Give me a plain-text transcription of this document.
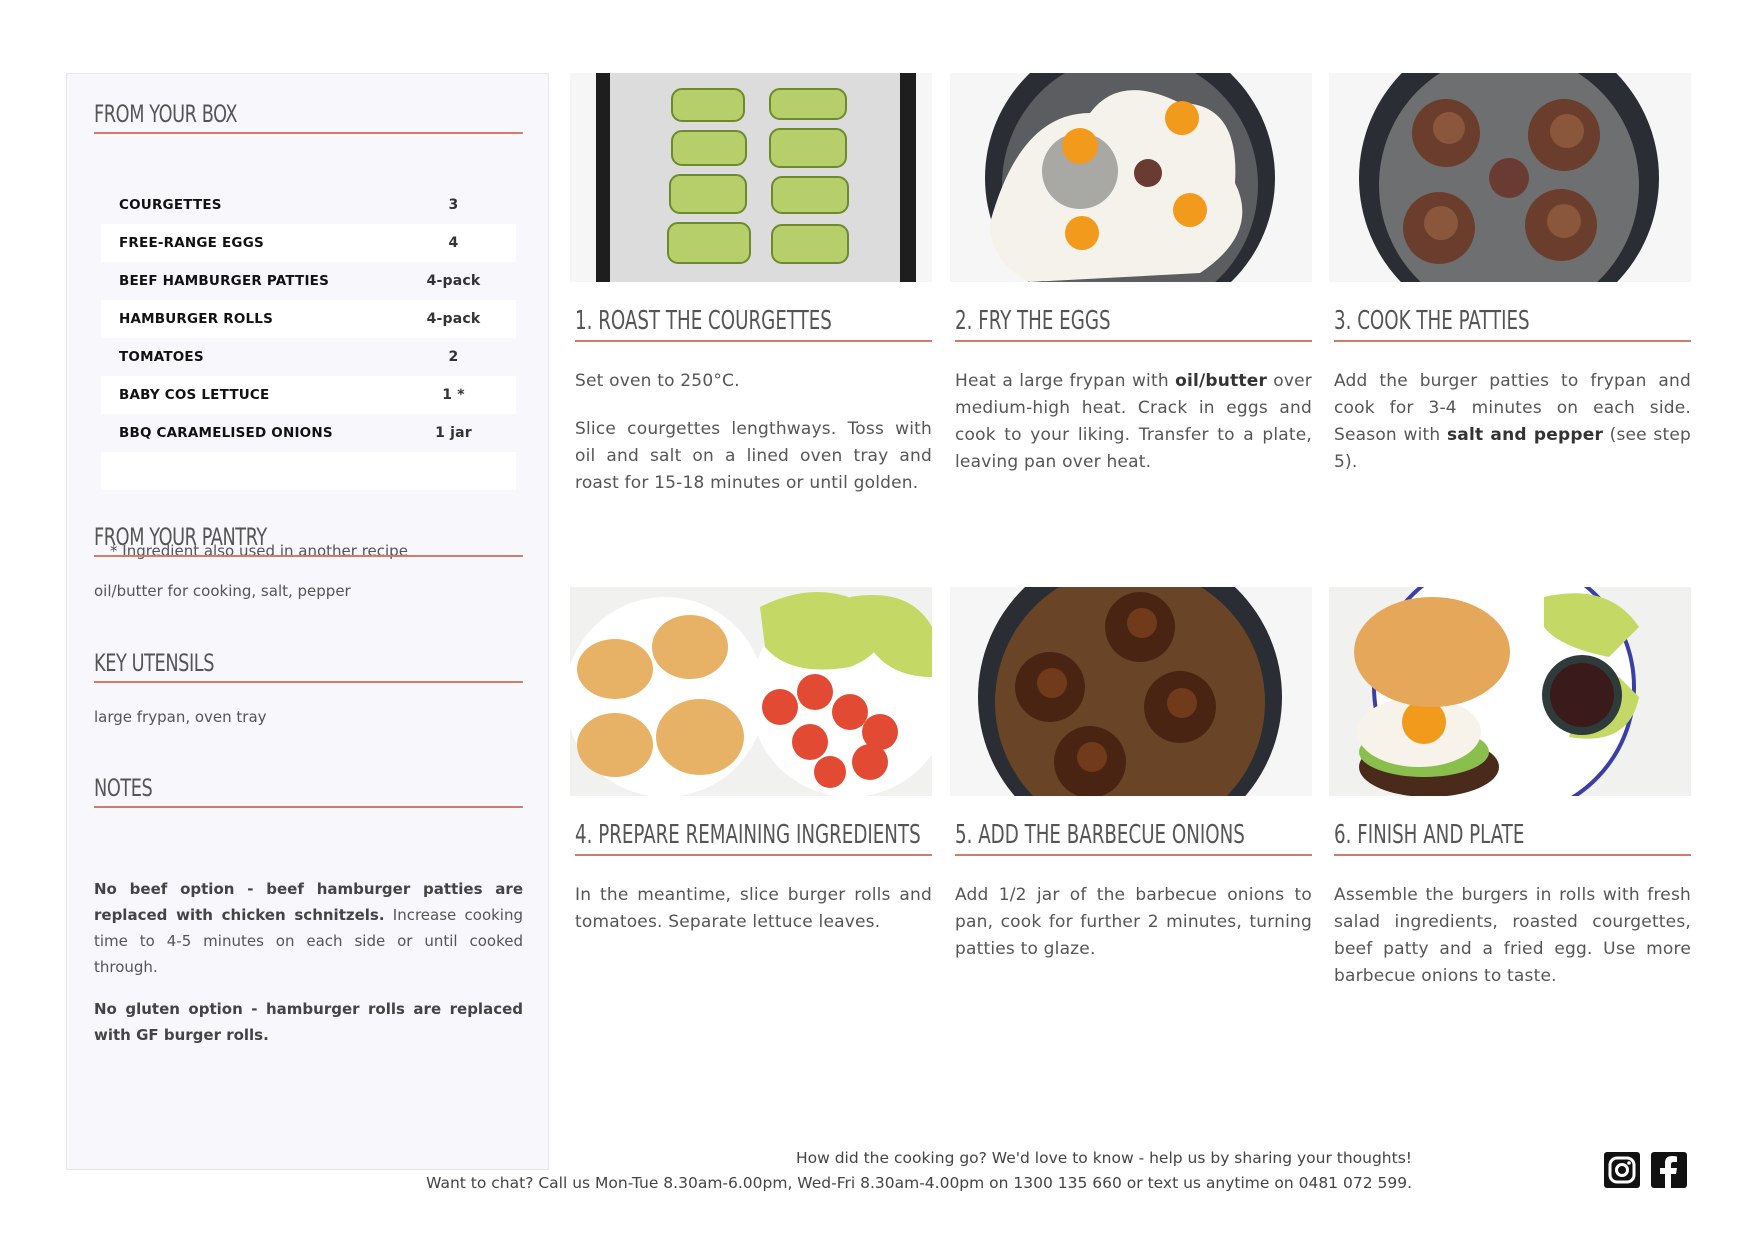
FROM YOUR BOX
COURGETTES	3
FREE-RANGE EGGS	4
BEEF HAMBURGER PATTIES	4-pack
HAMBURGER ROLLS	4-pack
TOMATOES	2
BABY COS LETTUCE	1 *
BBQ CARAMELISED ONIONS	1 jar
* Ingredient also used in another recipe
FROM YOUR PANTRY
oil/butter for cooking, salt, pepper
KEY UTENSILS
large frypan, oven tray
NOTES

No beef option - beef hamburger patties are replaced with chicken schnitzels. Increase cooking time to 4-5 minutes on each side or until cooked through.

No gluten option - hamburger rolls are replaced with GF burger rolls.

1. ROAST THE COURGETTES

Set oven to 250°C.

Slice courgettes lengthways. Toss with oil and salt on a lined oven tray and roast for 15-18 minutes or until golden.

2. FRY THE EGGS

Heat a large frypan with oil/butter over medium-high heat. Crack in eggs and cook to your liking. Transfer to a plate, leaving pan over heat.

3. COOK THE PATTIES

Add the burger patties to frypan and cook for 3-4 minutes on each side. Season with salt and pepper (see step 5).

4. PREPARE REMAINING INGREDIENTS

In the meantime, slice burger rolls and tomatoes. Separate lettuce leaves.

5. ADD THE BARBECUE ONIONS

Add 1/2 jar of the barbecue onions to pan, cook for further 2 minutes, turning patties to glaze.

6. FINISH AND PLATE

Assemble the burgers in rolls with fresh salad ingredients, roasted courgettes, beef patty and a fried egg. Use more barbecue onions to taste.

How did the cooking go? We'd love to know - help us by sharing your thoughts!
Want to chat? Call us Mon-Tue 8.30am-6.00pm, Wed-Fri 8.30am-4.00pm on 1300 135 660 or text us anytime on 0481 072 599.
